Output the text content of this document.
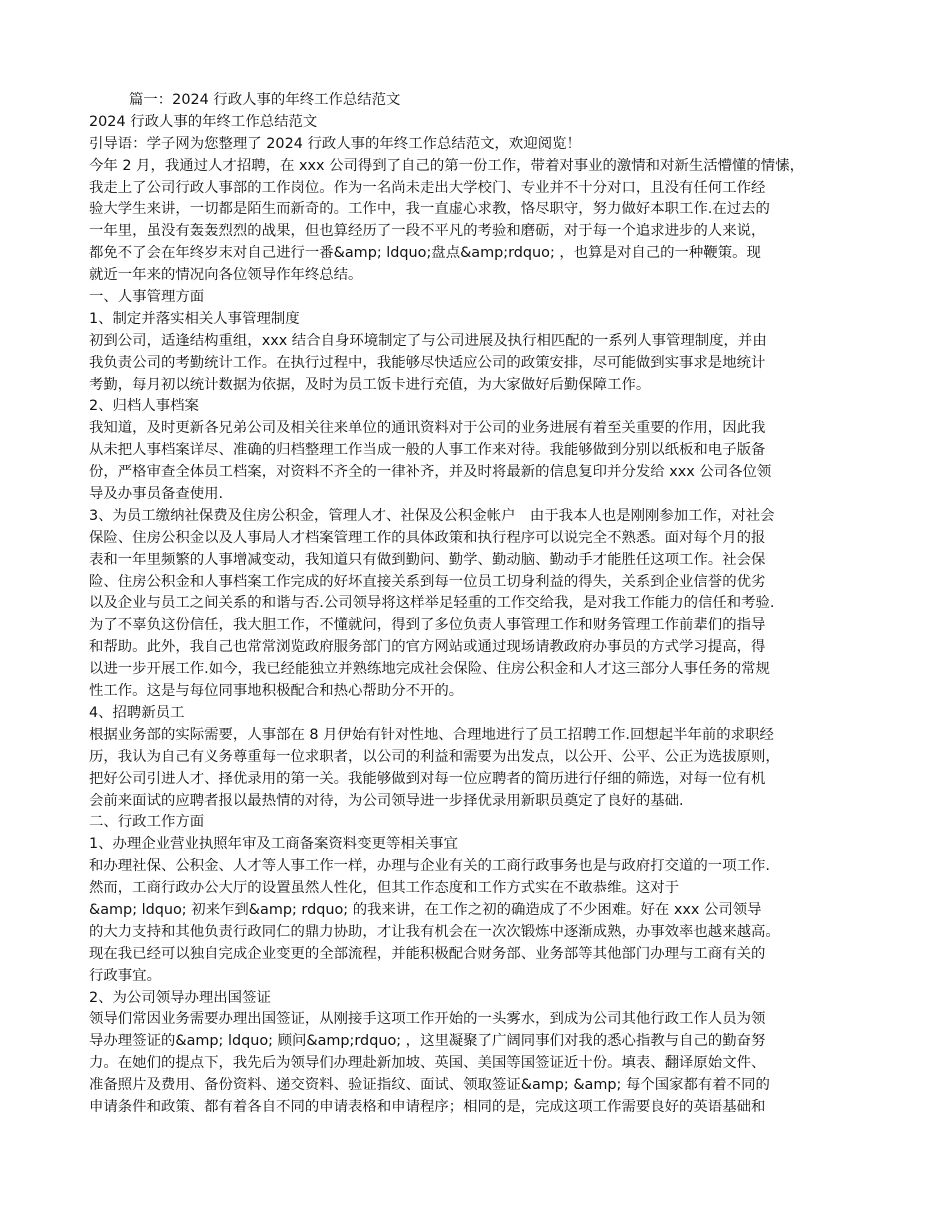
篇一：2024 行政人事的年终工作总结范文
2024 行政人事的年终工作总结范文
引导语：学子网为您整理了 2024 行政人事的年终工作总结范文，欢迎阅览！
今年 2 月，我通过人才招聘，在 xxx 公司得到了自己的第一份工作，带着对事业的激情和对新生活懵懂的情愫，
我走上了公司行政人事部的工作岗位。作为一名尚未走出大学校门、专业并不十分对口，且没有任何工作经
验大学生来讲，一切都是陌生而新奇的。工作中，我一直虚心求教，恪尽职守，努力做好本职工作.在过去的
一年里，虽没有轰轰烈烈的战果，但也算经历了一段不平凡的考验和磨砺，对于每一个追求进步的人来说，
都免不了会在年终岁末对自己进行一番&amp; ldquo;盘点&amp;rdquo; ，也算是对自己的一种鞭策。现
就近一年来的情况向各位领导作年终总结。
一、人事管理方面
1、制定并落实相关人事管理制度
初到公司，适逢结构重组，xxx 结合自身环境制定了与公司进展及执行相匹配的一系列人事管理制度，并由
我负责公司的考勤统计工作。在执行过程中，我能够尽快适应公司的政策安排，尽可能做到实事求是地统计
考勤，每月初以统计数据为依据，及时为员工饭卡进行充值，为大家做好后勤保障工作。
2、归档人事档案
我知道，及时更新各兄弟公司及相关往来单位的通讯资料对于公司的业务进展有着至关重要的作用，因此我
从未把人事档案详尽、准确的归档整理工作当成一般的人事工作来对待。我能够做到分别以纸板和电子版备
份，严格审查全体员工档案，对资料不齐全的一律补齐，并及时将最新的信息复印并分发给 xxx 公司各位领
导及办事员备查使用.
3、为员工缴纳社保费及住房公积金，管理人才、社保及公积金帐户　由于我本人也是刚刚参加工作，对社会
保险、住房公积金以及人事局人才档案管理工作的具体政策和执行程序可以说完全不熟悉。面对每个月的报
表和一年里频繁的人事增减变动，我知道只有做到勤问、勤学、勤动脑、勤动手才能胜任这项工作。社会保
险、住房公积金和人事档案工作完成的好坏直接关系到每一位员工切身利益的得失，关系到企业信誉的优劣
以及企业与员工之间关系的和谐与否.公司领导将这样举足轻重的工作交给我，是对我工作能力的信任和考验.
为了不辜负这份信任，我大胆工作，不懂就问，得到了多位负责人事管理工作和财务管理工作前辈们的指导
和帮助。此外，我自己也常常浏览政府服务部门的官方网站或通过现场请教政府办事员的方式学习提高，得
以进一步开展工作.如今，我已经能独立并熟练地完成社会保险、住房公积金和人才这三部分人事任务的常规
性工作。这是与每位同事地积极配合和热心帮助分不开的。
4、招聘新员工
根据业务部的实际需要，人事部在 8 月伊始有针对性地、合理地进行了员工招聘工作.回想起半年前的求职经
历，我认为自己有义务尊重每一位求职者，以公司的利益和需要为出发点，以公开、公平、公正为选拔原则，
把好公司引进人才、择优录用的第一关。我能够做到对每一位应聘者的简历进行仔细的筛选，对每一位有机
会前来面试的应聘者报以最热情的对待，为公司领导进一步择优录用新职员奠定了良好的基础.
二、行政工作方面
1、办理企业营业执照年审及工商备案资料变更等相关事宜
和办理社保、公积金、人才等人事工作一样，办理与企业有关的工商行政事务也是与政府打交道的一项工作.
然而，工商行政办公大厅的设置虽然人性化，但其工作态度和工作方式实在不敢恭维。这对于
&amp; ldquo; 初来乍到&amp; rdquo; 的我来讲，在工作之初的确造成了不少困难。好在 xxx 公司领导
的大力支持和其他负责行政同仁的鼎力协助，才让我有机会在一次次锻炼中逐渐成熟，办事效率也越来越高。
现在我已经可以独自完成企业变更的全部流程，并能积极配合财务部、业务部等其他部门办理与工商有关的
行政事宜。
2、为公司领导办理出国签证
领导们常因业务需要办理出国签证，从刚接手这项工作开始的一头雾水，到成为公司其他行政工作人员为领
导办理签证的&amp; ldquo; 顾问&amp;rdquo; ，这里凝聚了广阔同事们对我的悉心指教与自己的勤奋努
力。在她们的提点下，我先后为领导们办理赴新加坡、英国、美国等国签证近十份。填表、翻译原始文件、
准备照片及费用、备份资料、递交资料、验证指纹、面试、领取签证&amp; &amp; 每个国家都有着不同的
申请条件和政策、都有着各自不同的申请表格和申请程序；相同的是，完成这项工作需要良好的英语基础和
